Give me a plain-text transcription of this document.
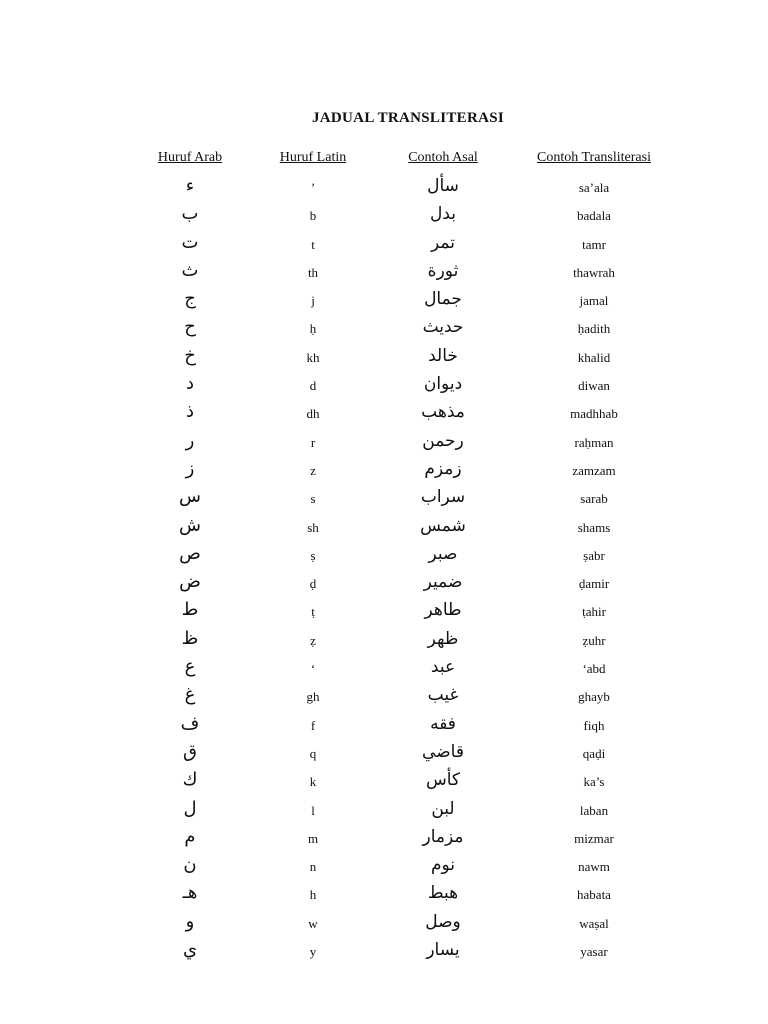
JADUAL TRANSLITERASI
Huruf Arab	Huruf Latin	Contoh Asal	Contoh Transliterasi
ء	’	سأل	sa’ala
ب	b	بدل	badala
ت	t	تمر	tamr
ث	th	ثورة	thawrah
ج	j	جمال	jamal
ح	ḥ	حديث	ḥadith
خ	kh	خالد	khalid
د	d	ديوان	diwan
ذ	dh	مذهب	madhhab
ر	r	رحمن	raḥman
ز	z	زمزم	zamzam
س	s	سراب	sarab
ش	sh	شمس	shams
ص	ṣ	صبر	ṣabr
ض	ḍ	ضمير	ḍamir
ط	ṭ	طاهر	ṭahir
ظ	ẓ	ظهر	ẓuhr
ع	‘	عبد	‘abd
غ	gh	غيب	ghayb
ف	f	فقه	fiqh
ق	q	قاضي	qaḍi
ك	k	كأس	ka’s
ل	l	لبن	laban
م	m	مزمار	mizmar
ن	n	نوم	nawm
هـ	h	هبط	habata
و	w	وصل	waṣal
ي	y	يسار	yasar
